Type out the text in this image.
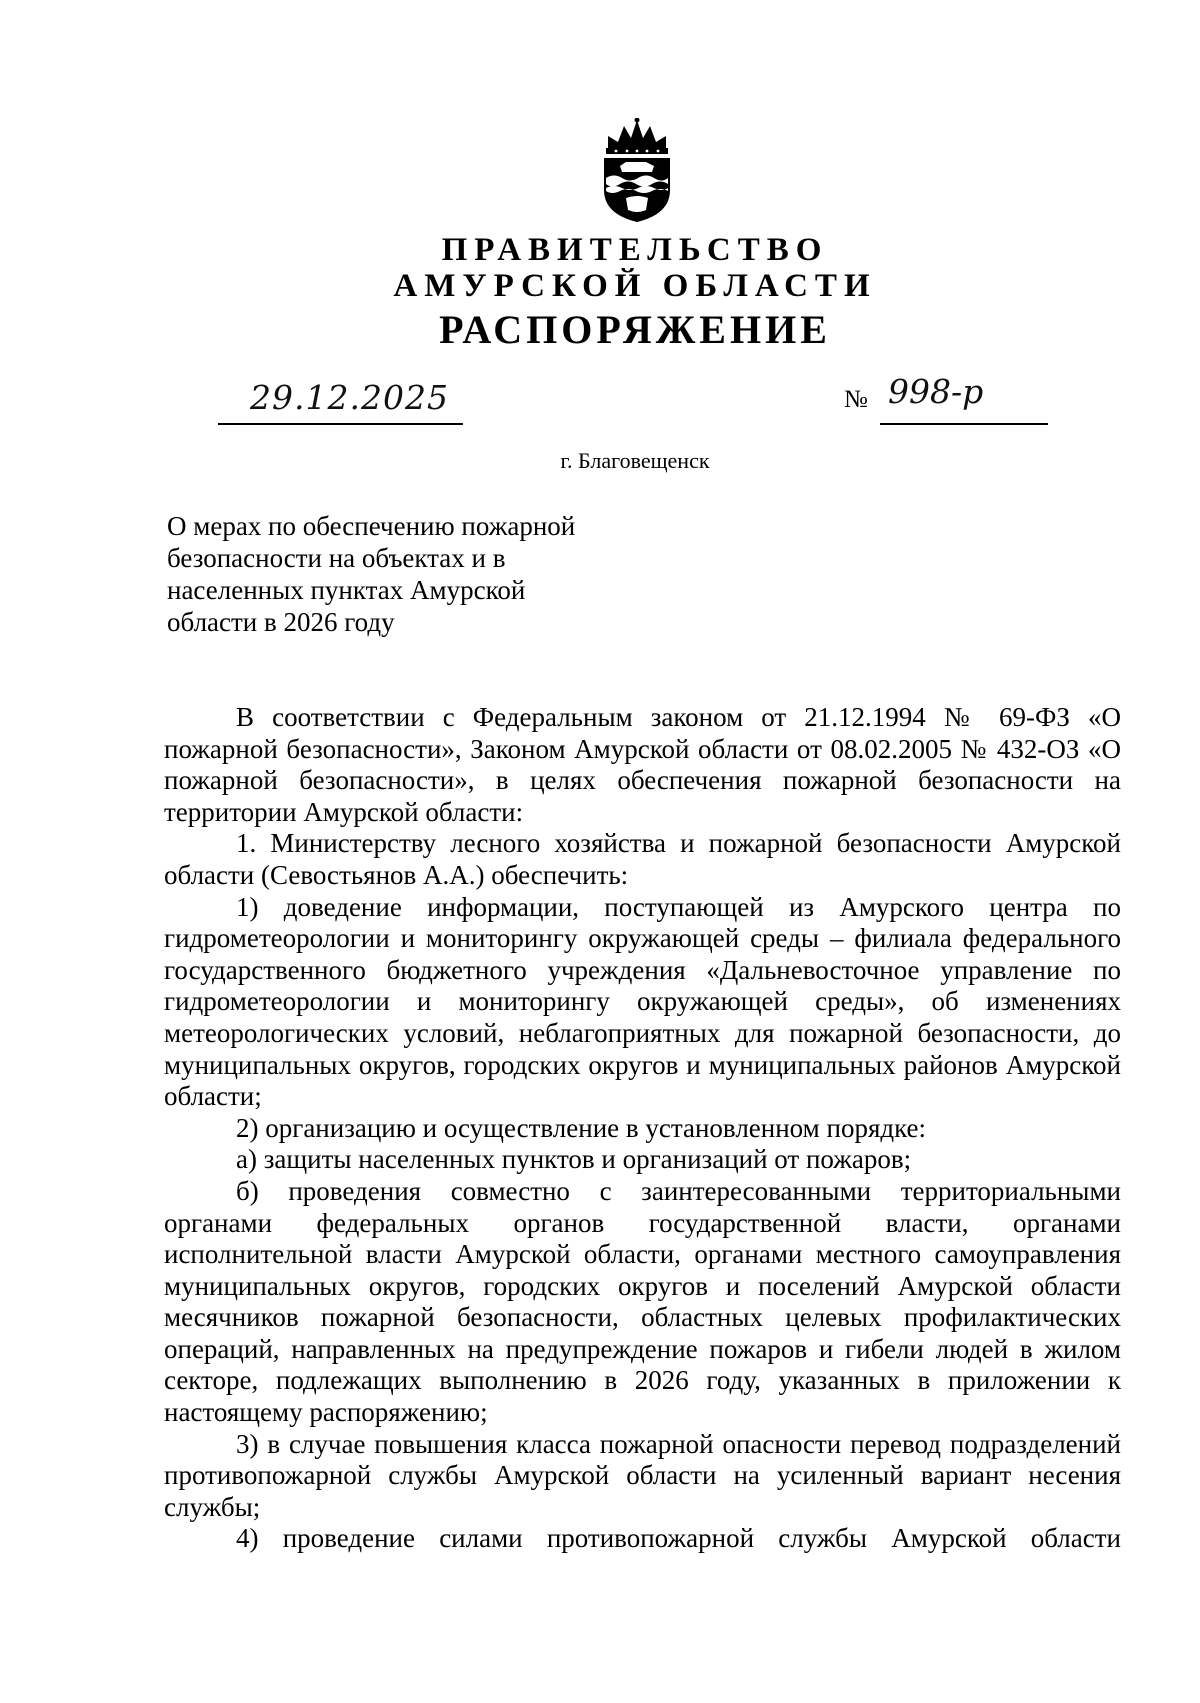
ПРАВИТЕЛЬСТВО
АМУРСКОЙ ОБЛАСТИ
РАСПОРЯЖЕНИЕ
29.12.2025	№ 998-р
г. Благовещенск
О мерах по обеспечению пожарной безопасности на объектах и в населенных пунктах Амурской области в 2026 году

В соответствии с Федеральным законом от 21.12.1994 № 69-ФЗ «О пожарной безопасности», Законом Амурской области от 08.02.2005 № 432-ОЗ «О пожарной безопасности», в целях обеспечения пожарной безопасности на территории Амурской области:

1. Министерству лесного хозяйства и пожарной безопасности Амурской области (Севостьянов А.А.) обеспечить:

1) доведение информации, поступающей из Амурского центра по гидрометеорологии и мониторингу окружающей среды – филиала федерального государственного бюджетного учреждения «Дальневосточное управление по гидрометеорологии и мониторингу окружающей среды», об изменениях метеорологических условий, неблагоприятных для пожарной безопасности, до муниципальных округов, городских округов и муниципальных районов Амурской области;

2) организацию и осуществление в установленном порядке:

а) защиты населенных пунктов и организаций от пожаров;

б) проведения совместно с заинтересованными территориальными органами федеральных органов государственной власти, органами исполнительной власти Амурской области, органами местного самоуправления муниципальных округов, городских округов и поселений Амурской области месячников пожарной безопасности, областных целевых профилактических операций, направленных на предупреждение пожаров и гибели людей в жилом секторе, подлежащих выполнению в 2026 году, указанных в приложении к настоящему распоряжению;

3) в случае повышения класса пожарной опасности перевод подразделений противопожарной службы Амурской области на усиленный вариант несения службы;

4) проведение силами противопожарной службы Амурской области
